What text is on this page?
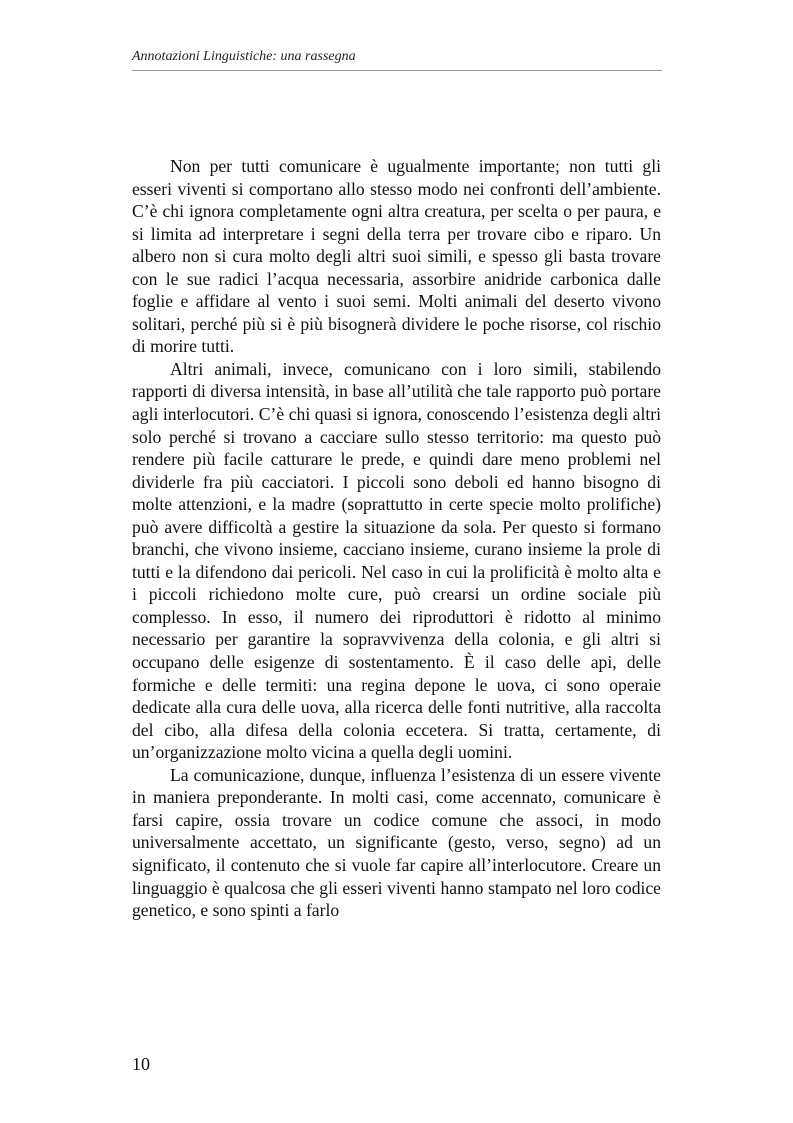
Annotazioni Linguistiche: una rassegna

Non per tutti comunicare è ugualmente importante; non tutti gli esseri viventi si comportano allo stesso modo nei confronti dell’ambiente. C’è chi ignora completamente ogni altra creatura, per scelta o per paura, e si limita ad interpretare i segni della terra per trovare cibo e riparo. Un albero non si cura molto degli altri suoi simili, e spesso gli basta trovare con le sue radici l’acqua necessaria, assorbire anidride carbonica dalle foglie e affidare al vento i suoi semi. Molti animali del deserto vivono solitari, perché più si è più bisognerà dividere le poche risorse, col rischio di morire tutti.

Altri animali, invece, comunicano con i loro simili, stabilendo rapporti di diversa intensità, in base all’utilità che tale rapporto può portare agli interlocutori. C’è chi quasi si ignora, conoscendo l’esistenza degli altri solo perché si trovano a cacciare sullo stesso territorio: ma questo può rendere più facile catturare le prede, e quindi dare meno problemi nel dividerle fra più cacciatori. I piccoli sono deboli ed hanno bisogno di molte attenzioni, e la madre (soprattutto in certe specie molto prolifiche) può avere difficoltà a gestire la situazione da sola. Per questo si formano branchi, che vivono insieme, cacciano insieme, curano insieme la prole di tutti e la difendono dai pericoli. Nel caso in cui la prolificità è molto alta e i piccoli richiedono molte cure, può crearsi un ordine sociale più complesso. In esso, il numero dei riproduttori è ridotto al minimo necessario per garantire la sopravvivenza della colonia, e gli altri si occupano delle esigenze di sostentamento. È il caso delle api, delle formiche e delle termiti: una regina depone le uova, ci sono operaie dedicate alla cura delle uova, alla ricerca delle fonti nutritive, alla raccolta del cibo, alla difesa della colonia eccetera. Si tratta, certamente, di un’organizzazione molto vicina a quella degli uomini.

La comunicazione, dunque, influenza l’esistenza di un essere vivente in maniera preponderante. In molti casi, come accennato, comunicare è farsi capire, ossia trovare un codice comune che associ, in modo universalmente accettato, un significante (gesto, verso, segno) ad un significato, il contenuto che si vuole far capire all’interlocutore. Creare un linguaggio è qualcosa che gli esseri viventi hanno stampato nel loro codice genetico, e sono spinti a farlo

10
